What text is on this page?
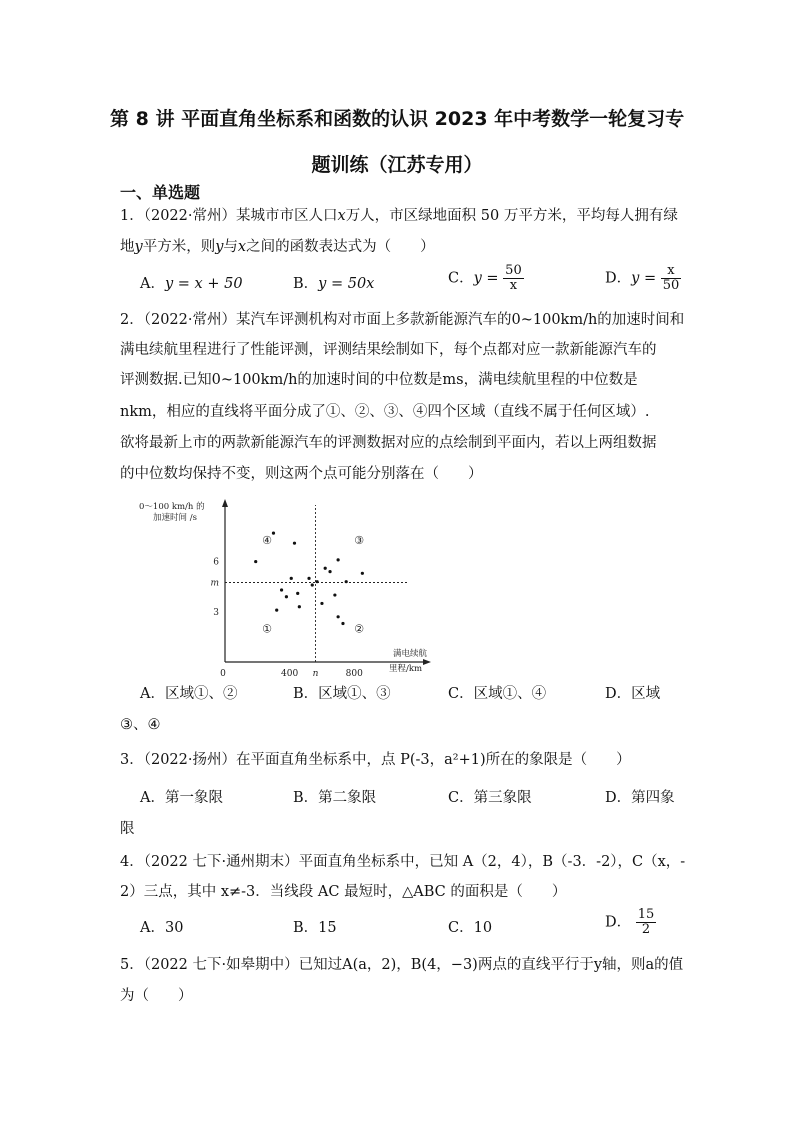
第 8 讲 平面直角坐标系和函数的认识 2023 年中考数学一轮复习专
题训练（江苏专用）
一、单选题
1．（2022·常州）某城市市区人口x万人，市区绿地面积 50 万平方米，平均每人拥有绿
地y平方米，则y与x之间的函数表达式为（　　）
A．y = x + 50	B．y = 50x	C．$y = \frac{50}{x}$	D．$y = \frac{x}{50}$
2．（2022·常州）某汽车评测机构对市面上多款新能源汽车的0~100km/h的加速时间和
满电续航里程进行了性能评测，评测结果绘制如下，每个点都对应一款新能源汽车的
评测数据.已知0~100km/h的加速时间的中位数是ms，满电续航里程的中位数是
nkm，相应的直线将平面分成了①、②、③、④四个区域（直线不属于任何区域）.
欲将最新上市的两款新能源汽车的评测数据对应的点绘制到平面内，若以上两组数据
的中位数均保持不变，则这两个点可能分别落在（　　）
0～100 km/h 的
加速时间 /s
满电续航
里程/km
0	400 n	800
6
m
3
④	③
①	②
A．区域①、②	B．区域①、③	C．区域①、④	D．区域
③、④
3．（2022·扬州）在平面直角坐标系中，点 P(-3，a²+1)所在的象限是（　　）
A．第一象限	B．第二象限	C．第三象限	D．第四象
限
4．（2022 七下·通州期末）平面直角坐标系中，已知 A（2，4），B（-3．-2），C（x，-
2）三点，其中 x≠-3．当线段 AC 最短时，△ABC 的面积是（　　）
A．30	B．15	C．10	D． $\frac{15}{2}$
5．（2022 七下·如皋期中）已知过A(a，2)，B(4，−3)两点的直线平行于y轴，则a的值
为（　　）
